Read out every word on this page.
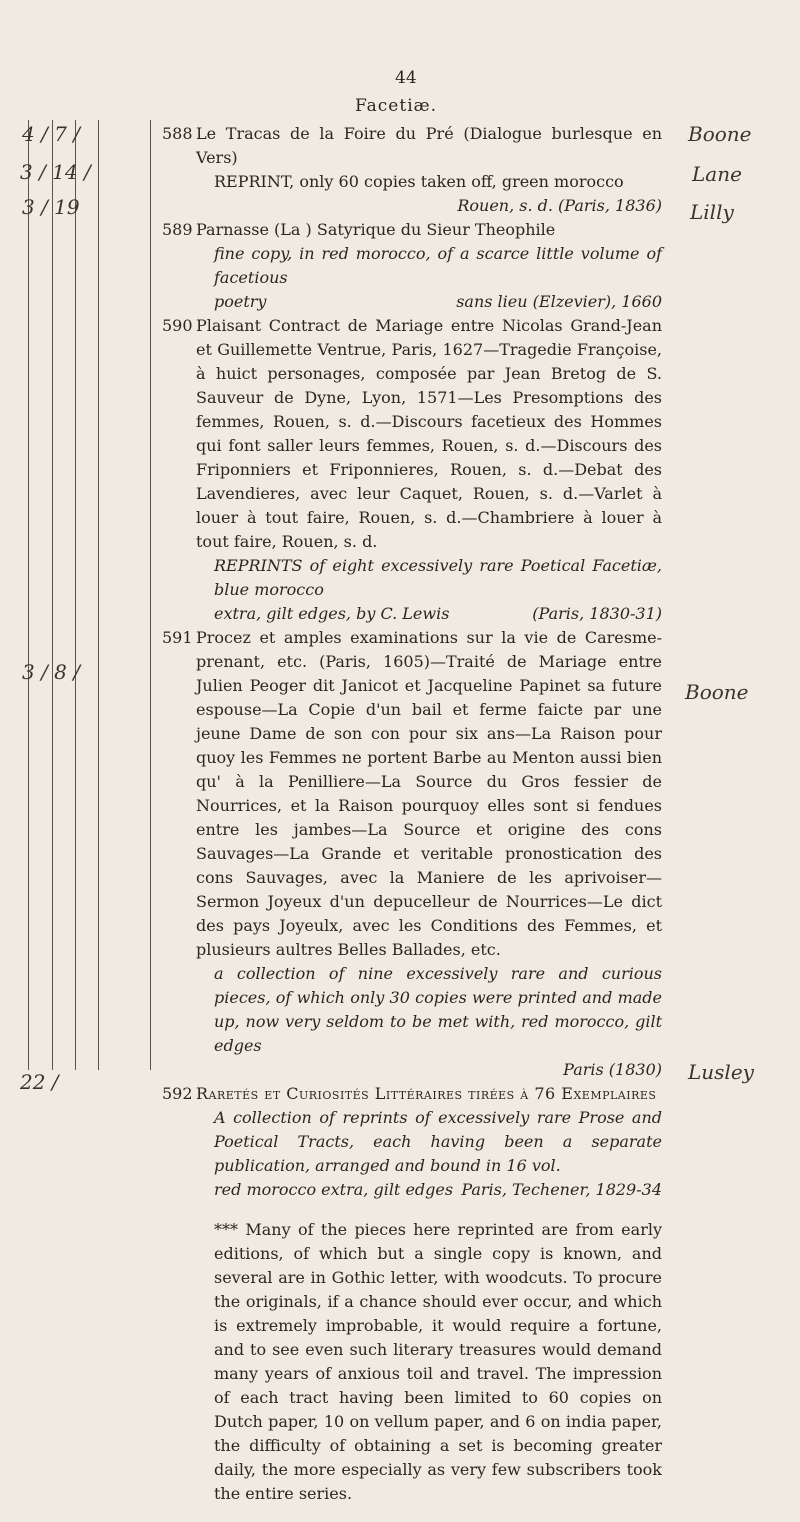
44
Facetiæ.
4 / 7 /
3 / 14 /
3 / 19
3 / 8 /
22 /
588 Le Tracas de la Foire du Pré (Dialogue burlesque en Vers)

REPRINT, only 60 copies taken off, green morocco

Rouen, s. d. (Paris, 1836)

589 Parnasse (La ) Satyrique du Sieur Theophile

fine copy, in red morocco, of a scarce little volume of facetious

poetry	sans lieu (Elzevier), 1660
590 Plaisant Contract de Mariage entre Nicolas Grand-Jean et Guillemette Ventrue, Paris, 1627—Tragedie Françoise, à huict personages, composée par Jean Bretog de S. Sauveur de Dyne, Lyon, 1571—Les Presomptions des femmes, Rouen, s. d.—Discours facetieux des Hommes qui font saller leurs femmes, Rouen, s. d.—Discours des Friponniers et Friponnieres, Rouen, s. d.—Debat des Lavendieres, avec leur Caquet, Rouen, s. d.—Varlet à louer à tout faire, Rouen, s. d.—Chambriere à louer à tout faire, Rouen, s. d.

REPRINTS of eight excessively rare Poetical Facetiæ, blue morocco

extra, gilt edges, by C. Lewis	(Paris, 1830-31)
591 Procez et amples examinations sur la vie de Caresme-prenant, etc. (Paris, 1605)—Traité de Mariage entre Julien Peoger dit Janicot et Jacqueline Papinet sa future espouse—La Copie d'un bail et ferme faicte par une jeune Dame de son con pour six ans—La Raison pour quoy les Femmes ne portent Barbe au Menton aussi bien qu' à la Penilliere—La Source du Gros fessier de Nourrices, et la Raison pourquoy elles sont si fendues entre les jambes—La Source et origine des cons Sauvages—La Grande et veritable pronostication des cons Sauvages, avec la Maniere de les aprivoiser—Sermon Joyeux d'un depucelleur de Nourrices—Le dict des pays Joyeulx, avec les Conditions des Femmes, et plusieurs aultres Belles Ballades, etc.

a collection of nine excessively rare and curious pieces, of which only 30 copies were printed and made up, now very seldom to be met with, red morocco, gilt edges

Paris (1830)

592 Raretés et Curiosités Littéraires tirées à 76 Exemplaires

A collection of reprints of excessively rare Prose and Poetical Tracts, each having been a separate publication, arranged and bound in 16 vol.

red morocco extra, gilt edges Paris, Techener, 1829-34

*** Many of the pieces here reprinted are from early editions, of which but a single copy is known, and several are in Gothic letter, with woodcuts. To procure the originals, if a chance should ever occur, and which is extremely improbable, it would require a fortune, and to see even such literary treasures would demand many years of anxious toil and travel. The impression of each tract having been limited to 60 copies on Dutch paper, 10 on vellum paper, and 6 on india paper, the difficulty of obtaining a set is becoming greater daily, the more especially as very few subscribers took the entire series.

Boone
Lane
Lilly
Boone
Lusley
